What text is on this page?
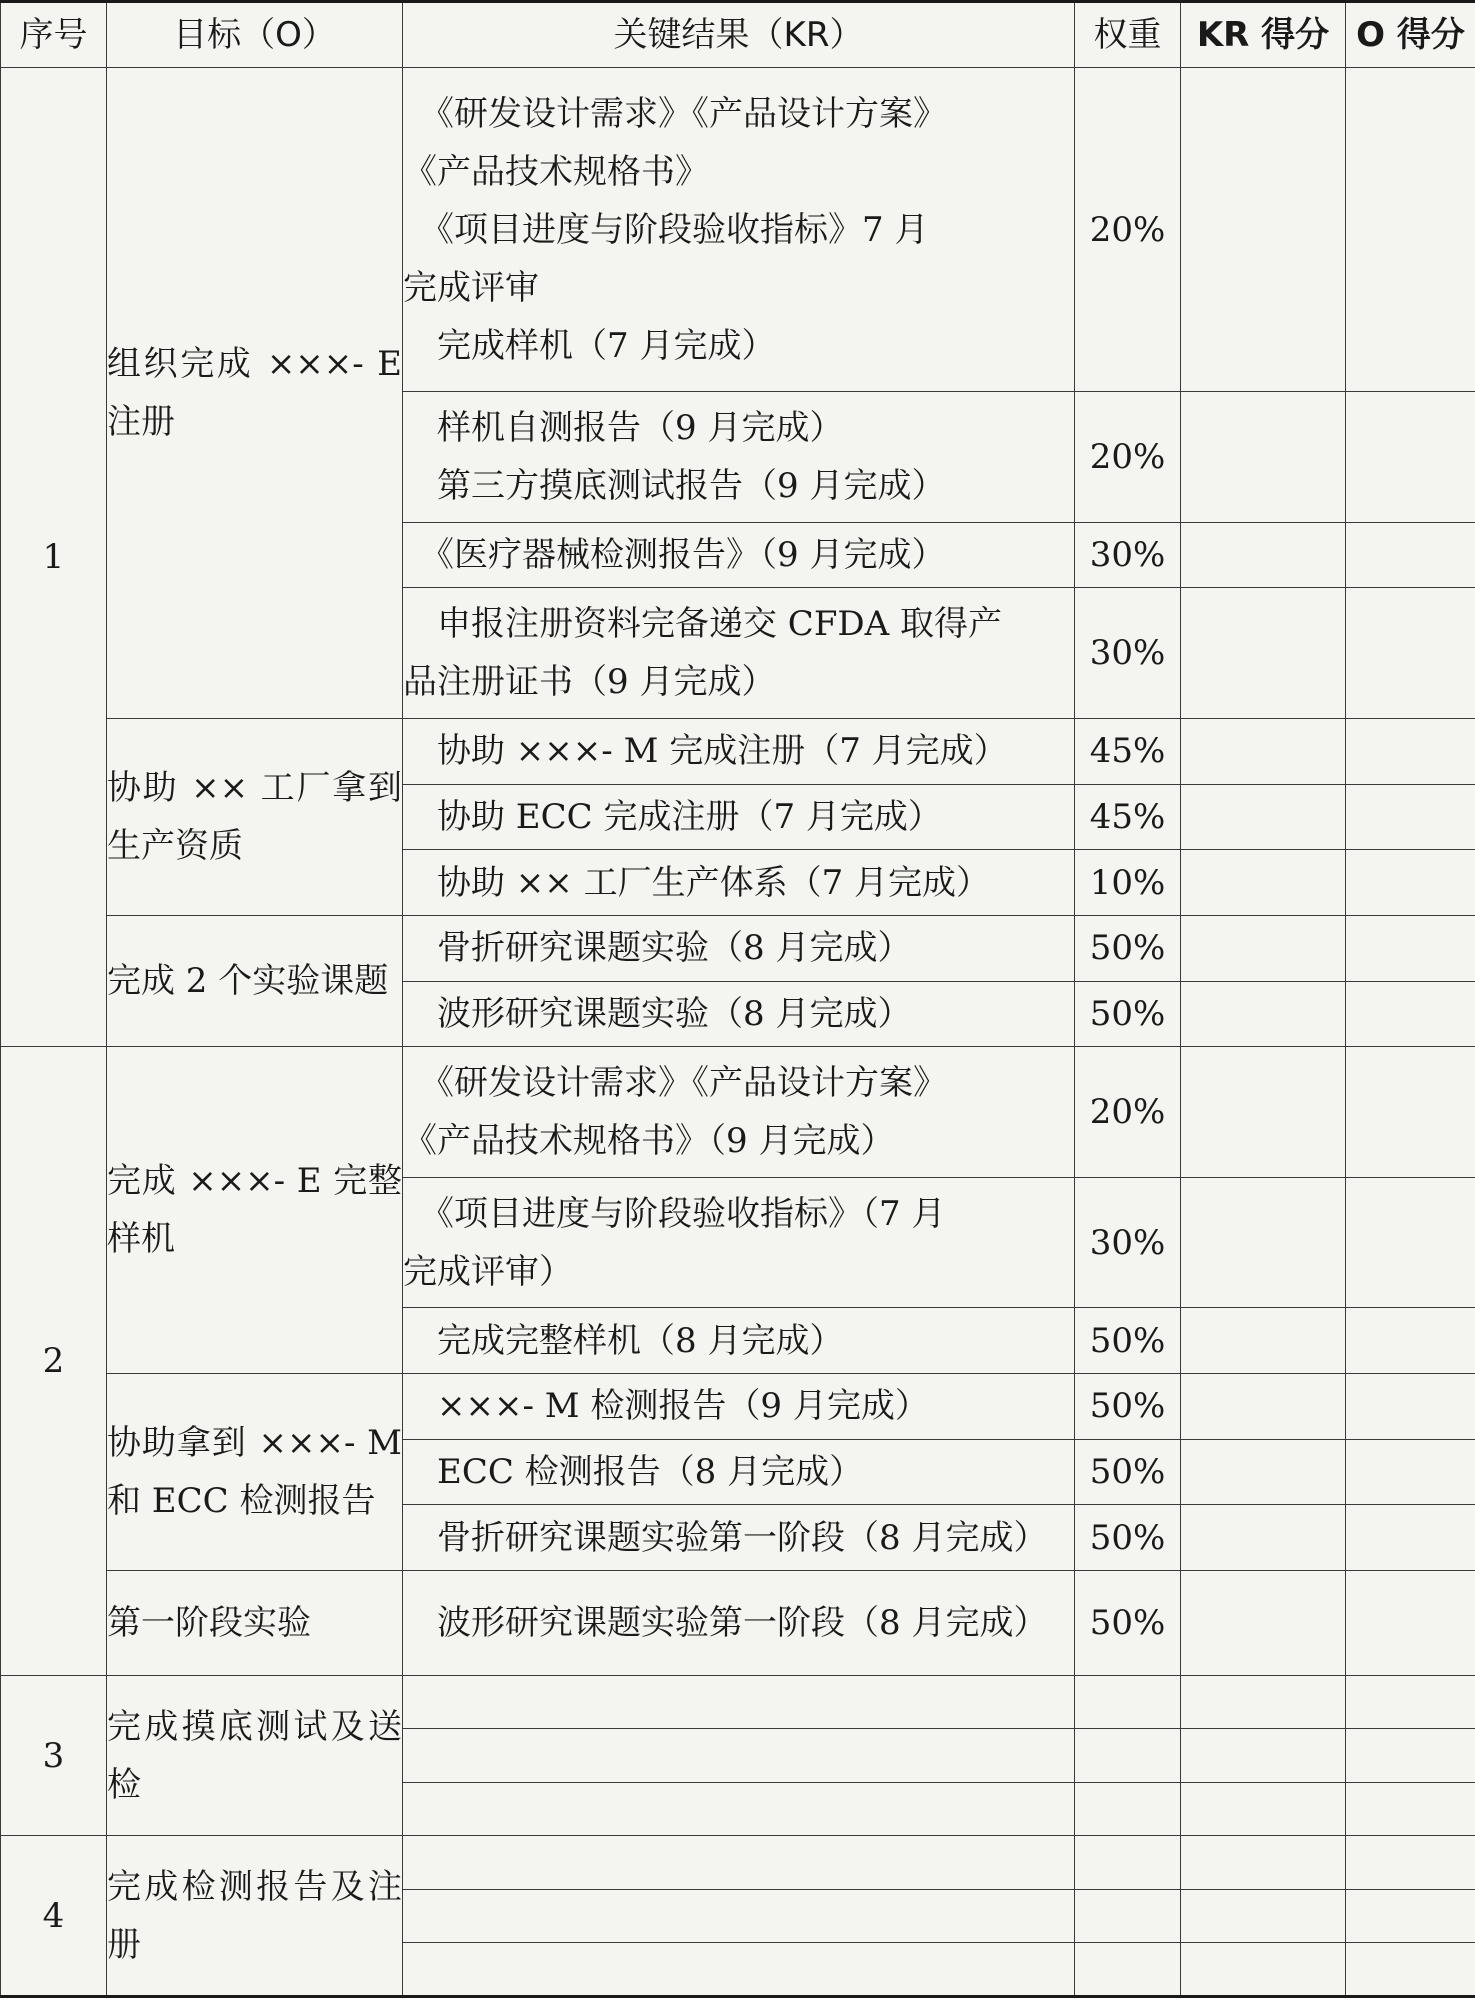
序号	目标（O）	关键结果（KR）	权重	KR 得分	O 得分
1	组织完成 ×××- E 注册	　《研发设计需求》《产品设计方案》
《产品技术规格书》
　《项目进度与阶段验收指标》7 月
完成评审
　完成样机（7 月完成）	20%		

		　样机自测报告（9 月完成）
　第三方摸底测试报告（9 月完成）	20%		

		　《医疗器械检测报告》（9 月完成）	30%		

		　申报注册资料完备递交 CFDA 取得产
品注册证书（9 月完成）	30%		

	协助 ×× 工厂拿到生产资质	　协助 ×××- M 完成注册（7 月完成）	45%		

		　协助 ECC 完成注册（7 月完成）	45%		

		　协助 ×× 工厂生产体系（7 月完成）	10%		

	完成 2 个实验课题	　骨折研究课题实验（8 月完成）	50%		

		　波形研究课题实验（8 月完成）	50%		
2	完成 ×××- E 完整样机	　《研发设计需求》《产品设计方案》
《产品技术规格书》（9 月完成）	20%		

		　《项目进度与阶段验收指标》（7 月
完成评审）	30%		

		　完成完整样机（8 月完成）	50%		

	协助拿到 ×××- M 和 ECC 检测报告	　×××- M 检测报告（9 月完成）	50%		

		　ECC 检测报告（8 月完成）	50%		

		　骨折研究课题实验第一阶段（8 月完成）	50%		

	第一阶段实验	　波形研究课题实验第一阶段（8 月完成）	50%		
3	完成摸底测试及送检				

4	完成检测报告及注册				
